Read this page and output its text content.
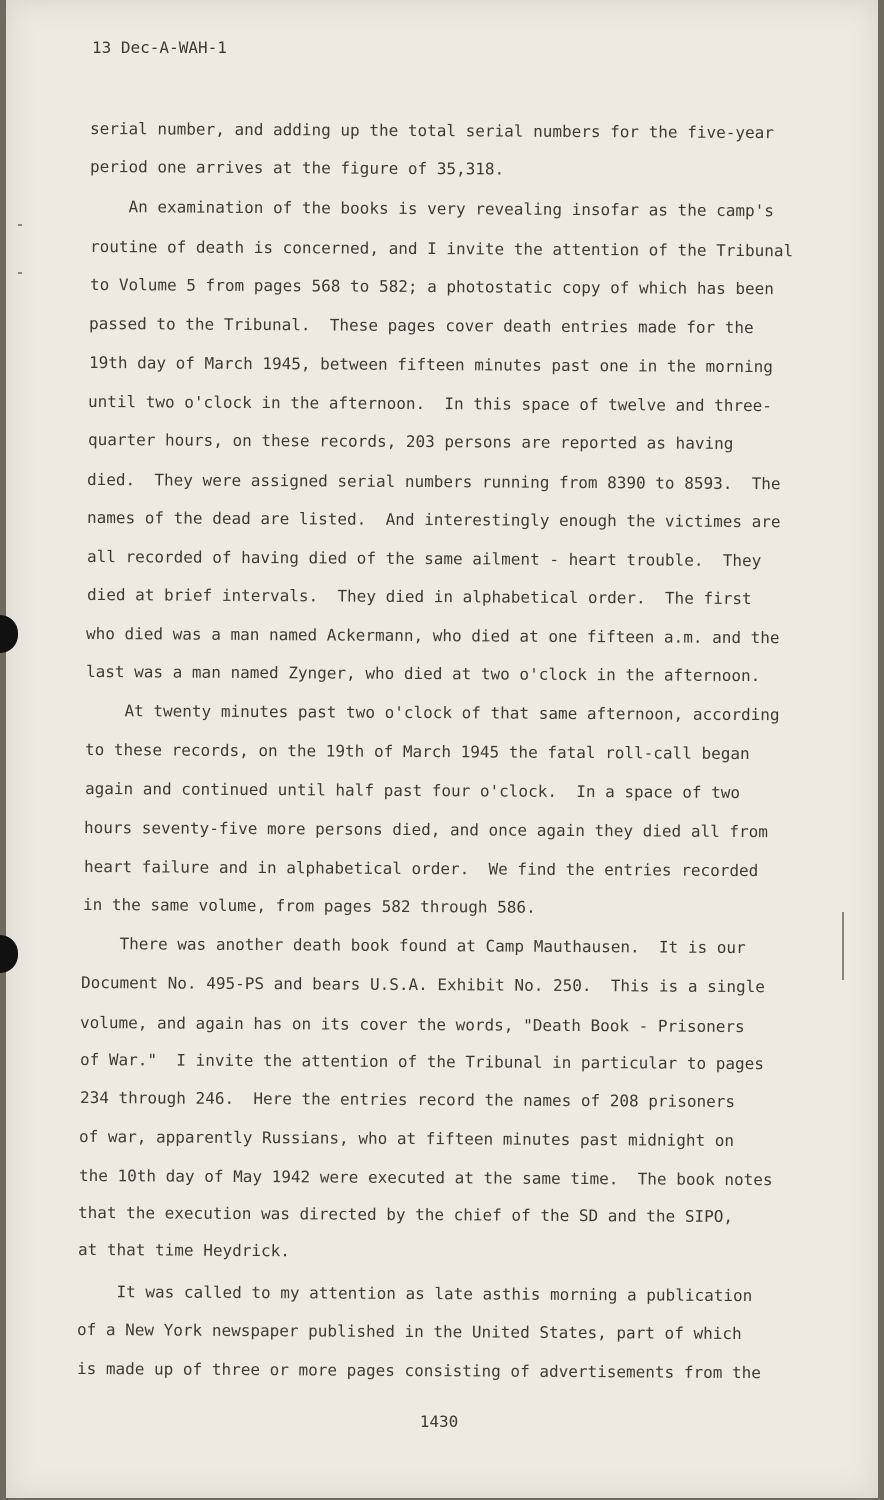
13 Dec-A-WAH-1
serial number, and adding up the total serial numbers for the five-year
period one arrives at the figure of 35,318.
An examination of the books is very revealing insofar as the camp's
routine of death is concerned, and I invite the attention of the Tribunal
to Volume 5 from pages 568 to 582; a photostatic copy of which has been
passed to the Tribunal.  These pages cover death entries made for the
19th day of March 1945, between fifteen minutes past one in the morning
until two o'clock in the afternoon.  In this space of twelve and three-
quarter hours, on these records, 203 persons are reported as having
died.  They were assigned serial numbers running from 8390 to 8593.  The
names of the dead are listed.  And interestingly enough the victimes are
all recorded of having died of the same ailment - heart trouble.  They
died at brief intervals.  They died in alphabetical order.  The first
who died was a man named Ackermann, who died at one fifteen a.m. and the
last was a man named Zynger, who died at two o'clock in the afternoon.
At twenty minutes past two o'clock of that same afternoon, according
to these records, on the 19th of March 1945 the fatal roll-call began
again and continued until half past four o'clock.  In a space of two
hours seventy-five more persons died, and once again they died all from
heart failure and in alphabetical order.  We find the entries recorded
in the same volume, from pages 582 through 586.
There was another death book found at Camp Mauthausen.  It is our
Document No. 495-PS and bears U.S.A. Exhibit No. 250.  This is a single
volume, and again has on its cover the words, "Death Book - Prisoners
of War."  I invite the attention of the Tribunal in particular to pages
234 through 246.  Here the entries record the names of 208 prisoners
of war, apparently Russians, who at fifteen minutes past midnight on
the 10th day of May 1942 were executed at the same time.  The book notes
that the execution was directed by the chief of the SD and the SIPO,
at that time Heydrick.
It was called to my attention as late asthis morning a publication
of a New York newspaper published in the United States, part of which
is made up of three or more pages consisting of advertisements from the
1430
